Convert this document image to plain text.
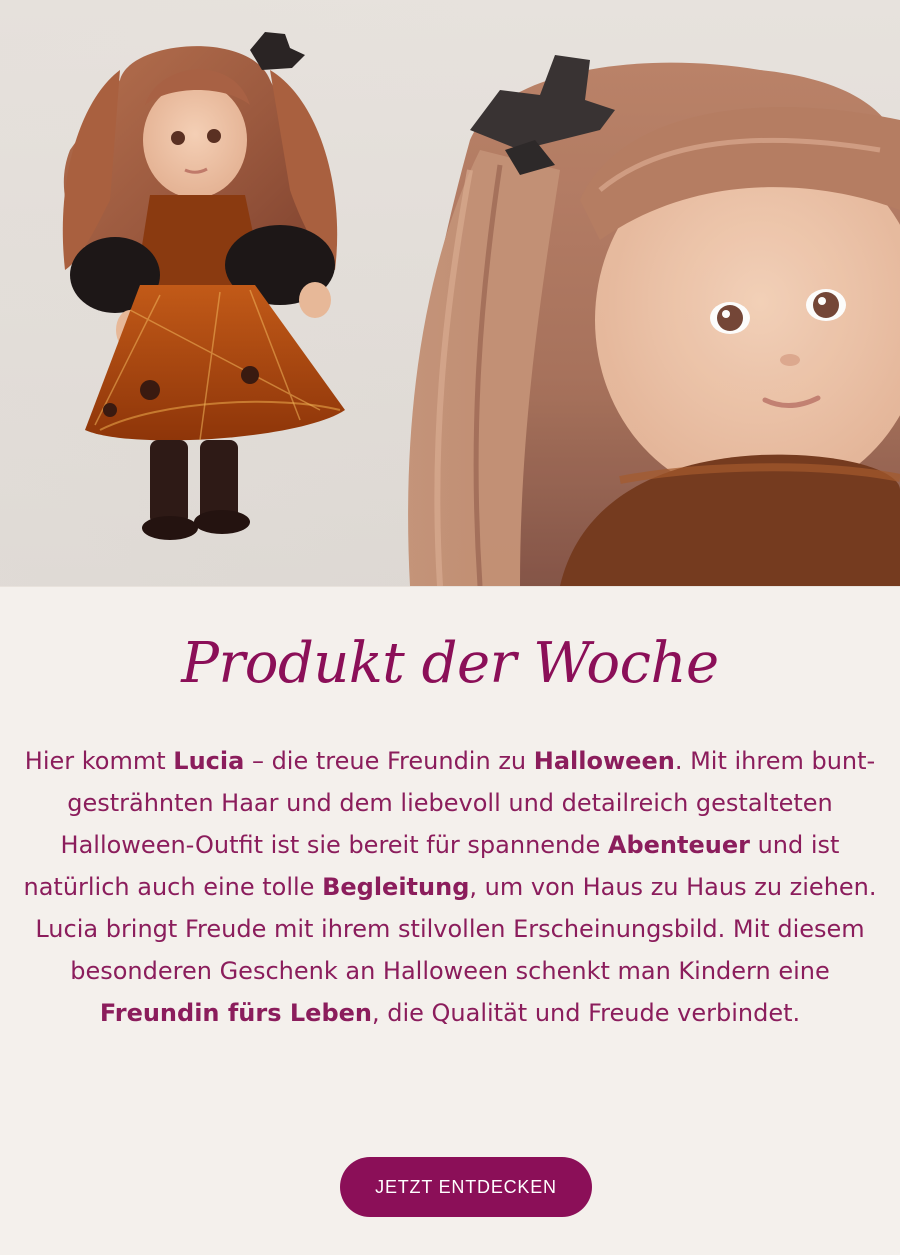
Produkt der Woche
Hier kommt Lucia – die treue Freundin zu Halloween. Mit ihrem bunt-gesträhnten Haar und dem liebevoll und detailreich gestalteten Halloween-Outfit ist sie bereit für spannende Abenteuer und ist natürlich auch eine tolle Begleitung, um von Haus zu Haus zu ziehen. Lucia bringt Freude mit ihrem stilvollen Erscheinungsbild. Mit diesem besonderen Geschenk an Halloween schenkt man Kindern eine Freundin fürs Leben, die Qualität und Freude verbindet.
JETZT ENTDECKEN
